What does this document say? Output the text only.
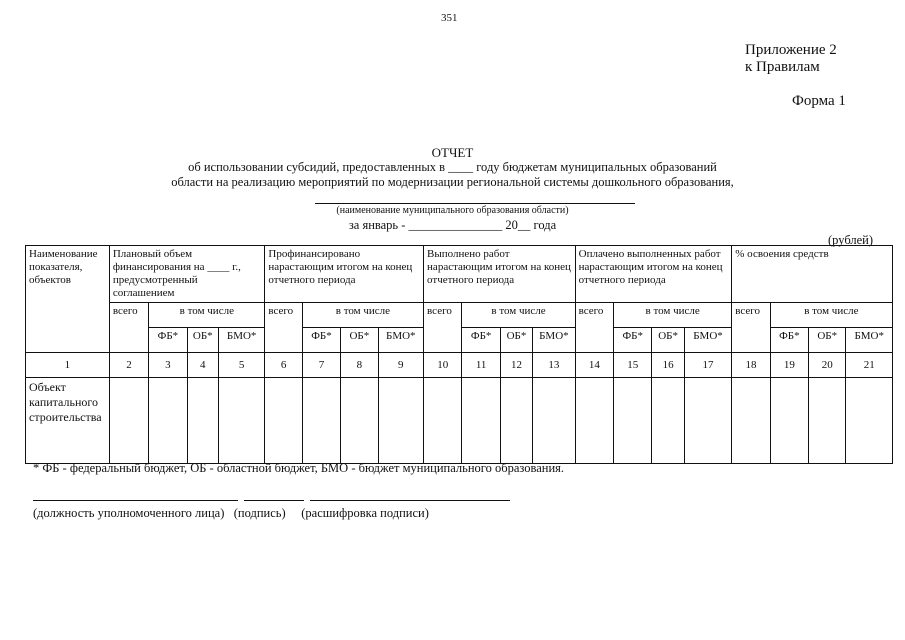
351
Приложение 2
к Правилам
Форма 1
ОТЧЕТ
об использовании субсидий, предоставленных в ____ году бюджетам муниципальных образований
области на реализацию мероприятий по модернизации региональной системы дошкольного образования,
(наименование муниципального образования области)
за январь - _______________ 20__ года
(рублей)
Наименование показателя, объектов	Плановый объем финансирования на ____ г., предусмотренный соглашением				Профинансировано нарастающим итогом на конец отчетного периода				Выполнено работ нарастающим итогом на конец отчетного периода				Оплачено выполненных работ нарастающим итогом на конец отчетного периода				% освоения средств			
	всего	в том числе			всего	в том числе			всего	в том числе			всего	в том числе			всего	в том числе		
		ФБ*	ОБ*	БМО*		ФБ*	ОБ*	БМО*		ФБ*	ОБ*	БМО*		ФБ*	ОБ*	БМО*		ФБ*	ОБ*	БМО*
1	2	3	4	5	6	7	8	9	10	11	12	13	14	15	16	17	18	19	20	21
Объект капитального строительства																				
* ФБ - федеральный бюджет, ОБ - областной бюджет, БМО - бюджет муниципального образования.
(должность уполномоченного лица) (подпись) (расшифровка подписи)
